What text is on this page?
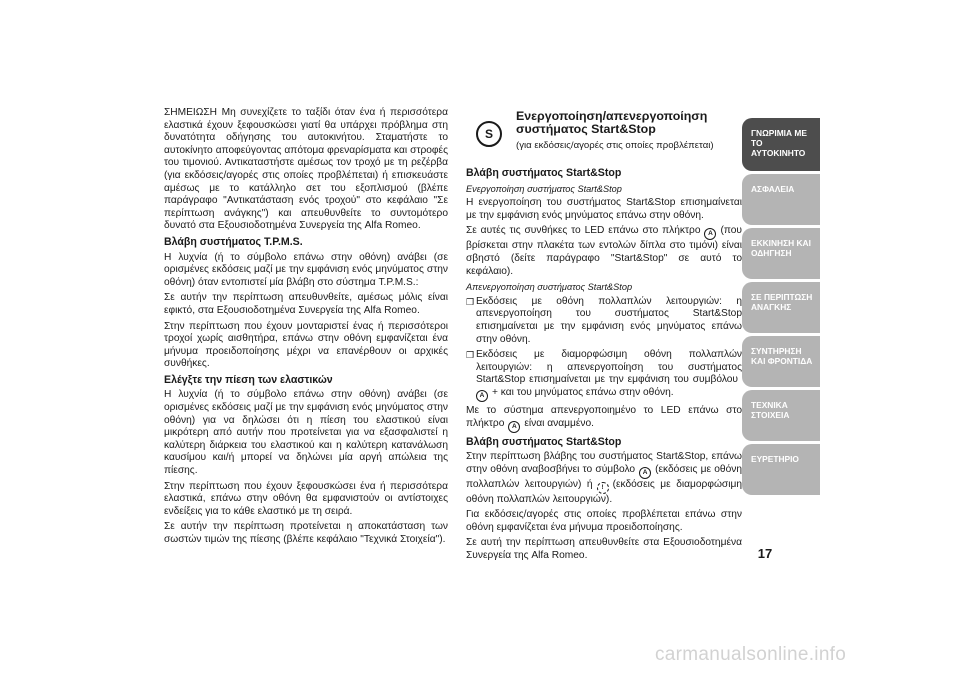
ΣΗΜΕΙΩΣΗ Μη συνεχίζετε το ταξίδι όταν ένα ή περισσότερα ελαστικά έχουν ξεφουσκώσει γιατί θα υπάρχει πρόβλημα στη δυνατότητα οδήγησης του αυτοκινήτου. Σταματήστε το αυτοκίνητο αποφεύγοντας απότομα φρεναρίσματα και στροφές του τιμονιού. Αντικαταστήστε αμέσως τον τροχό με τη ρεζέρβα (για εκδόσεις/αγορές στις οποίες προβλέπεται) ή επισκευάστε αμέσως με το κατάλληλο σετ του εξοπλισμού (βλέπε παράγραφο "Αντικατάσταση ενός τροχού" στο κεφάλαιο "Σε περίπτωση ανάγκης") και απευθυνθείτε το συντομότερο δυνατό στα Εξουσιοδοτημένα Συνεργεία της Alfa Romeo.

Βλάβη συστήματος T.P.M.S.

Η λυχνία (ή το σύμβολο επάνω στην οθόνη) ανάβει (σε ορισμένες εκδόσεις μαζί με την εμφάνιση ενός μηνύματος στην οθόνη) όταν εντοπιστεί μία βλάβη στο σύστημα T.P.M.S.:

Σε αυτήν την περίπτωση απευθυνθείτε, αμέσως μόλις είναι εφικτό, στα Εξουσιοδοτημένα Συνεργεία της Alfa Romeo.

Στην περίπτωση που έχουν μονταριστεί ένας ή περισσότεροι τροχοί χωρίς αισθητήρα, επάνω στην οθόνη εμφανίζεται ένα μήνυμα προειδοποίησης μέχρι να επανέρθουν οι αρχικές συνθήκες.

Ελέγξτε την πίεση των ελαστικών

Η λυχνία (ή το σύμβολο επάνω στην οθόνη) ανάβει (σε ορισμένες εκδόσεις μαζί με την εμφάνιση ενός μηνύματος στην οθόνη) για να δηλώσει ότι η πίεση του ελαστικού είναι μικρότερη από αυτήν που προτείνεται για να εξασφαλιστεί η καλύτερη διάρκεια του ελαστικού και η καλύτερη κατανάλωση καυσίμου και/ή μπορεί να δηλώνει μία αργή απώλεια της πίεσης.

Στην περίπτωση που έχουν ξεφουσκώσει ένα ή περισσότερα ελαστικά, επάνω στην οθόνη θα εμφανιστούν οι αντίστοιχες ενδείξεις για το κάθε ελαστικό με τη σειρά.

Σε αυτήν την περίπτωση προτείνεται η αποκατάσταση των σωστών τιμών της πίεσης (βλέπε κεφάλαιο "Τεχνικά Στοιχεία").

S
Ενεργοποίηση/απενεργοποίηση συστήματος Start&Stop
(για εκδόσεις/αγορές στις οποίες προβλέπεται)
Βλάβη συστήματος Start&Stop
Ενεργοποίηση συστήματος Start&Stop

Η ενεργοποίηση του συστήματος Start&Stop επισημαίνεται με την εμφάνιση ενός μηνύματος επάνω στην οθόνη.

Σε αυτές τις συνθήκες το LED επάνω στο πλήκτρο A (που βρίσκεται στην πλακέτα των εντολών δίπλα στο τιμόνι) είναι σβηστό (δείτε παράγραφο "Start&Stop" σε αυτό το κεφάλαιο).

Απενεργοποίηση συστήματος Start&Stop
❒ Εκδόσεις με οθόνη πολλαπλών λειτουργιών: η απενεργοποίηση του συστήματος Start&Stop επισημαίνεται με την εμφάνιση ενός μηνύματος επάνω στην οθόνη.
❒ Εκδόσεις με διαμορφώσιμη οθόνη πολλαπλών λειτουργιών: η απενεργοποίηση του συστήματος Start&Stop επισημαίνεται με την εμφάνιση του συμβόλουA + και του μηνύματος επάνω στην οθόνη.

Με το σύστημα απενεργοποιημένο το LED επάνω στο πλήκτρο A είναι αναμμένο.

Βλάβη συστήματος Start&Stop

Στην περίπτωση βλάβης του συστήματος Start&Stop, επάνω στην οθόνη αναβοσβήνει το σύμβολο A (εκδόσεις με οθόνη πολλαπλών λειτουργιών) ή ! (εκδόσεις με διαμορφώσιμη οθόνη πολλαπλών λειτουργιών).

Για εκδόσεις/αγορές στις οποίες προβλέπεται επάνω στην οθόνη εμφανίζεται ένα μήνυμα προειδοποίησης.

Σε αυτή την περίπτωση απευθυνθείτε στα Εξουσιοδοτημένα Συνεργεία της Alfa Romeo.

ΓΝΩΡΙΜΙΑ ΜΕ ΤΟ ΑΥΤΟΚΙΝΗΤΟ
ΑΣΦΑΛΕΙΑ
ΕΚΚΙΝΗΣΗ ΚΑΙ ΟΔΗΓΗΣΗ
ΣΕ ΠΕΡΙΠΤΩΣΗ ΑΝΑΓΚΗΣ
ΣΥΝΤΗΡΗΣΗ ΚΑΙ ΦΡΟΝΤΙΔΑ
ΤΕΧΝΙΚΑ ΣΤΟΙΧΕΙΑ
ΕΥΡΕΤΗΡΙΟ
17
carmanualsonline.info
